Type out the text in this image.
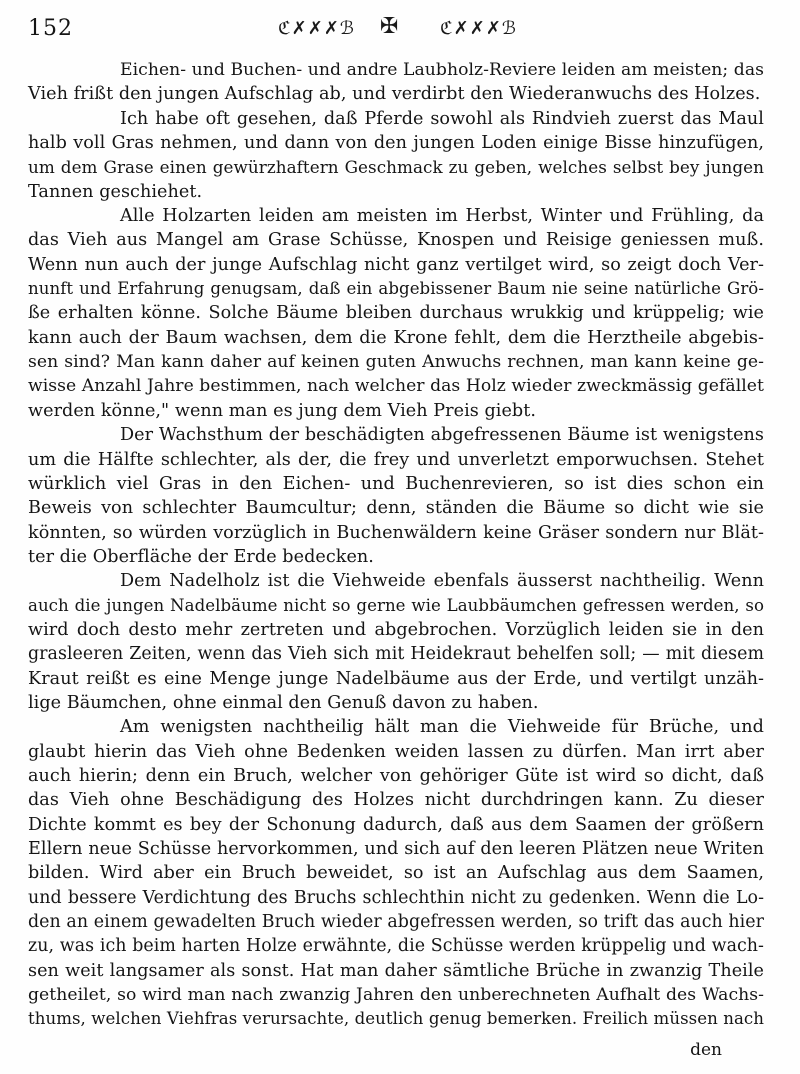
152	ℭ✗✗✗ℬ ✠ ℭ✗✗✗ℬ
Eichen- und Buchen- und andre Laubholz-Reviere leiden am meisten; das
Vieh frißt den jungen Aufschlag ab, und verdirbt den Wiederanwuchs des Holzes.
Ich habe oft gesehen, daß Pferde sowohl als Rindvieh zuerst das Maul
halb voll Gras nehmen, und dann von den jungen Loden einige Bisse hinzufügen,
um dem Grase einen gewürzhaftern Geschmack zu geben, welches selbst bey jungen
Tannen geschiehet.
Alle Holzarten leiden am meisten im Herbst, Winter und Frühling, da
das Vieh aus Mangel am Grase Schüsse, Knospen und Reisige geniessen muß.
Wenn nun auch der junge Aufschlag nicht ganz vertilget wird, so zeigt doch Ver-
nunft und Erfahrung genugsam, daß ein abgebissener Baum nie seine natürliche Grö-
ße erhalten könne. Solche Bäume bleiben durchaus wrukkig und krüppelig; wie
kann auch der Baum wachsen, dem die Krone fehlt, dem die Herztheile abgebis-
sen sind? Man kann daher auf keinen guten Anwuchs rechnen, man kann keine ge-
wisse Anzahl Jahre bestimmen, nach welcher das Holz wieder zweckmässig gefället
werden könne," wenn man es jung dem Vieh Preis giebt.
Der Wachsthum der beschädigten abgefressenen Bäume ist wenigstens
um die Hälfte schlechter, als der, die frey und unverletzt emporwuchsen. Stehet
würklich viel Gras in den Eichen- und Buchenrevieren, so ist dies schon ein
Beweis von schlechter Baumcultur; denn, ständen die Bäume so dicht wie sie
könnten, so würden vorzüglich in Buchenwäldern keine Gräser sondern nur Blät-
ter die Oberfläche der Erde bedecken.
Dem Nadelholz ist die Viehweide ebenfals äusserst nachtheilig. Wenn
auch die jungen Nadelbäume nicht so gerne wie Laubbäumchen gefressen werden, so
wird doch desto mehr zertreten und abgebrochen. Vorzüglich leiden sie in den
grasleeren Zeiten, wenn das Vieh sich mit Heidekraut behelfen soll; — mit diesem
Kraut reißt es eine Menge junge Nadelbäume aus der Erde, und vertilgt unzäh-
lige Bäumchen, ohne einmal den Genuß davon zu haben.
Am wenigsten nachtheilig hält man die Viehweide für Brüche, und
glaubt hierin das Vieh ohne Bedenken weiden lassen zu dürfen. Man irrt aber
auch hierin; denn ein Bruch, welcher von gehöriger Güte ist wird so dicht, daß
das Vieh ohne Beschädigung des Holzes nicht durchdringen kann. Zu dieser
Dichte kommt es bey der Schonung dadurch, daß aus dem Saamen der größern
Ellern neue Schüsse hervorkommen, und sich auf den leeren Plätzen neue Writen
bilden. Wird aber ein Bruch beweidet, so ist an Aufschlag aus dem Saamen,
und bessere Verdichtung des Bruchs schlechthin nicht zu gedenken. Wenn die Lo-
den an einem gewadelten Bruch wieder abgefressen werden, so trift das auch hier
zu, was ich beim harten Holze erwähnte, die Schüsse werden krüppelig und wach-
sen weit langsamer als sonst. Hat man daher sämtliche Brüche in zwanzig Theile
getheilet, so wird man nach zwanzig Jahren den unberechneten Aufhalt des Wachs-
thums, welchen Viehfras verursachte, deutlich genug bemerken. Freilich müssen nach
den
